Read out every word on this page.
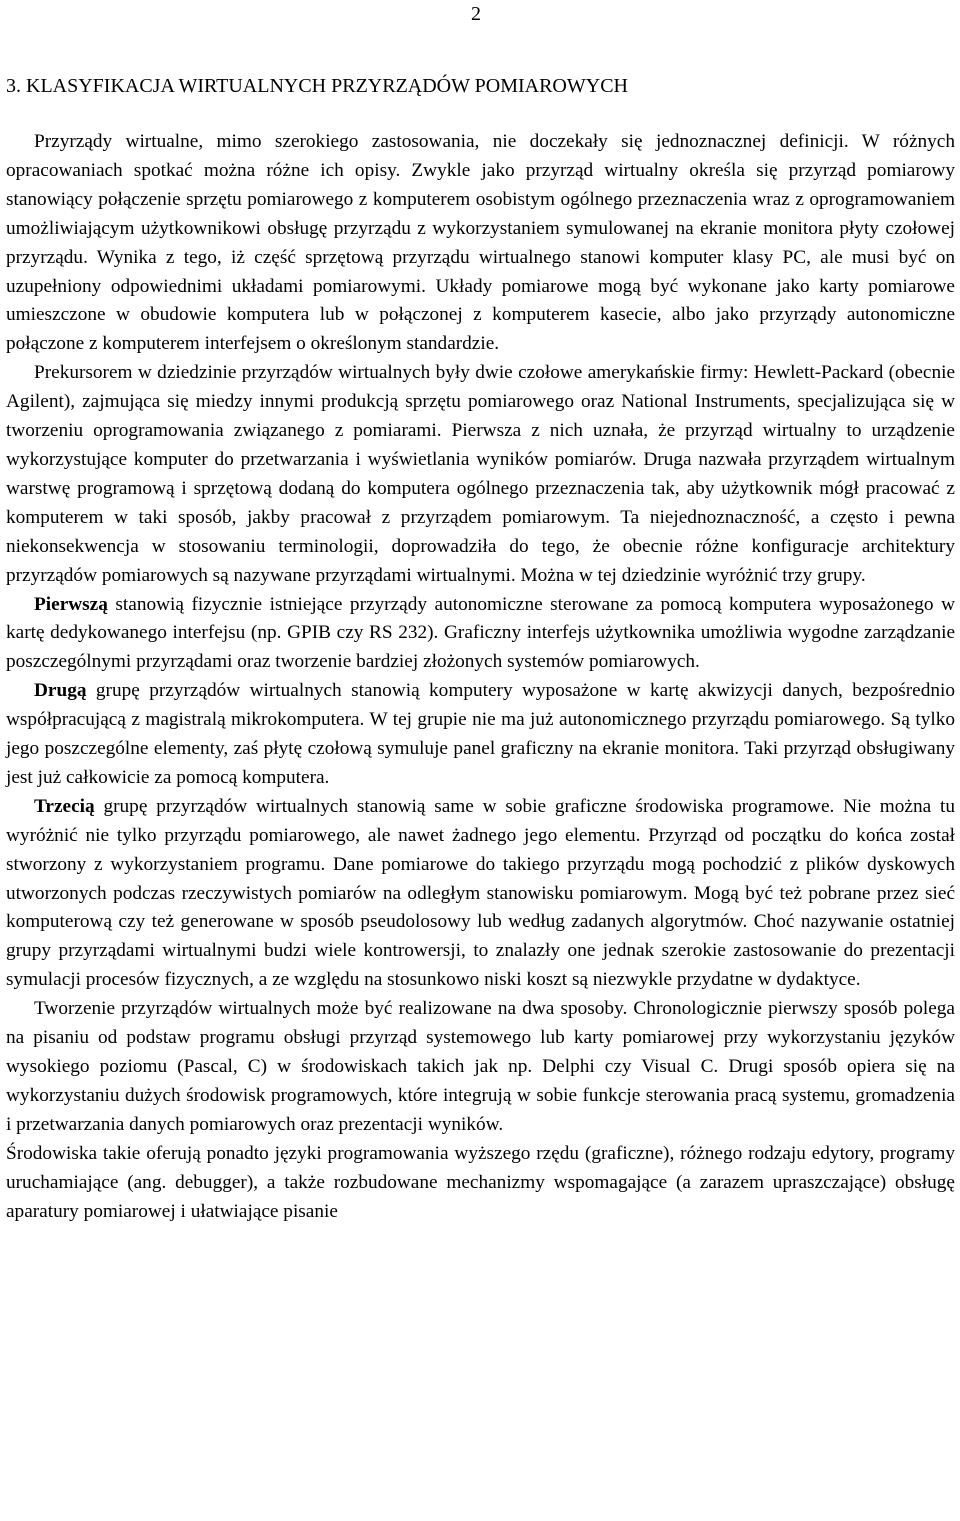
2
3. KLASYFIKACJA WIRTUALNYCH PRZYRZĄDÓW POMIAROWYCH

Przyrządy wirtualne, mimo szerokiego zastosowania, nie doczekały się jednoznacznej definicji. W różnych opracowaniach spotkać można różne ich opisy. Zwykle jako przyrząd wirtualny określa się przyrząd pomiarowy stanowiący połączenie sprzętu pomiarowego z komputerem osobistym ogólnego przeznaczenia wraz z oprogramowaniem umożliwiającym użytkownikowi obsługę przyrządu z wykorzystaniem symulowanej na ekranie monitora płyty czołowej przyrządu. Wynika z tego, iż część sprzętową przyrządu wirtualnego stanowi komputer klasy PC, ale musi być on uzupełniony odpowiednimi układami pomiarowymi. Układy pomiarowe mogą być wykonane jako karty pomiarowe umieszczone w obudowie komputera lub w połączonej z komputerem kasecie, albo jako przyrządy autonomiczne połączone z komputerem interfejsem o określonym standardzie.

Prekursorem w dziedzinie przyrządów wirtualnych były dwie czołowe amerykańskie firmy: Hewlett-Packard (obecnie Agilent), zajmująca się miedzy innymi produkcją sprzętu pomiarowego oraz National Instruments, specjalizująca się w tworzeniu oprogramowania związanego z pomiarami. Pierwsza z nich uznała, że przyrząd wirtualny to urządzenie wykorzystujące komputer do przetwarzania i wyświetlania wyników pomiarów. Druga nazwała przyrządem wirtualnym warstwę programową i sprzętową dodaną do komputera ogólnego przeznaczenia tak, aby użytkownik mógł pracować z komputerem w taki sposób, jakby pracował z przyrządem pomiarowym. Ta niejednoznaczność, a często i pewna niekonsekwencja w stosowaniu terminologii, doprowadziła do tego, że obecnie różne konfiguracje architektury przyrządów pomiarowych są nazywane przyrządami wirtualnymi. Można w tej dziedzinie wyróżnić trzy grupy.

Pierwszą stanowią fizycznie istniejące przyrządy autonomiczne sterowane za pomocą komputera wyposażonego w kartę dedykowanego interfejsu (np. GPIB czy RS 232). Graficzny interfejs użytkownika umożliwia wygodne zarządzanie poszczególnymi przyrządami oraz tworzenie bardziej złożonych systemów pomiarowych.

Drugą grupę przyrządów wirtualnych stanowią komputery wyposażone w kartę akwizycji danych, bezpośrednio współpracującą z magistralą mikrokomputera. W tej grupie nie ma już autonomicznego przyrządu pomiarowego. Są tylko jego poszczególne elementy, zaś płytę czołową symuluje panel graficzny na ekranie monitora. Taki przyrząd obsługiwany jest już całkowicie za pomocą komputera.

Trzecią grupę przyrządów wirtualnych stanowią same w sobie graficzne środowiska programowe. Nie można tu wyróżnić nie tylko przyrządu pomiarowego, ale nawet żadnego jego elementu. Przyrząd od początku do końca został stworzony z wykorzystaniem programu. Dane pomiarowe do takiego przyrządu mogą pochodzić z plików dyskowych utworzonych podczas rzeczywistych pomiarów na odległym stanowisku pomiarowym. Mogą być też pobrane przez sieć komputerową czy też generowane w sposób pseudolosowy lub według zadanych algorytmów. Choć nazywanie ostatniej grupy przyrządami wirtualnymi budzi wiele kontrowersji, to znalazły one jednak szerokie zastosowanie do prezentacji symulacji procesów fizycznych, a ze względu na stosunkowo niski koszt są niezwykle przydatne w dydaktyce.

Tworzenie przyrządów wirtualnych może być realizowane na dwa sposoby. Chronologicznie pierwszy sposób polega na pisaniu od podstaw programu obsługi przyrząd systemowego lub karty pomiarowej przy wykorzystaniu języków wysokiego poziomu (Pascal, C) w środowiskach takich jak np. Delphi czy Visual C. Drugi sposób opiera się na wykorzystaniu dużych środowisk programowych, które integrują w sobie funkcje sterowania pracą systemu, gromadzenia i przetwarzania danych pomiarowych oraz prezentacji wyników.

Środowiska takie oferują ponadto języki programowania wyższego rzędu (graficzne), różnego rodzaju edytory, programy uruchamiające (ang. debugger), a także rozbudowane mechanizmy wspomagające (a zarazem upraszczające) obsługę aparatury pomiarowej i ułatwiające pisanie
